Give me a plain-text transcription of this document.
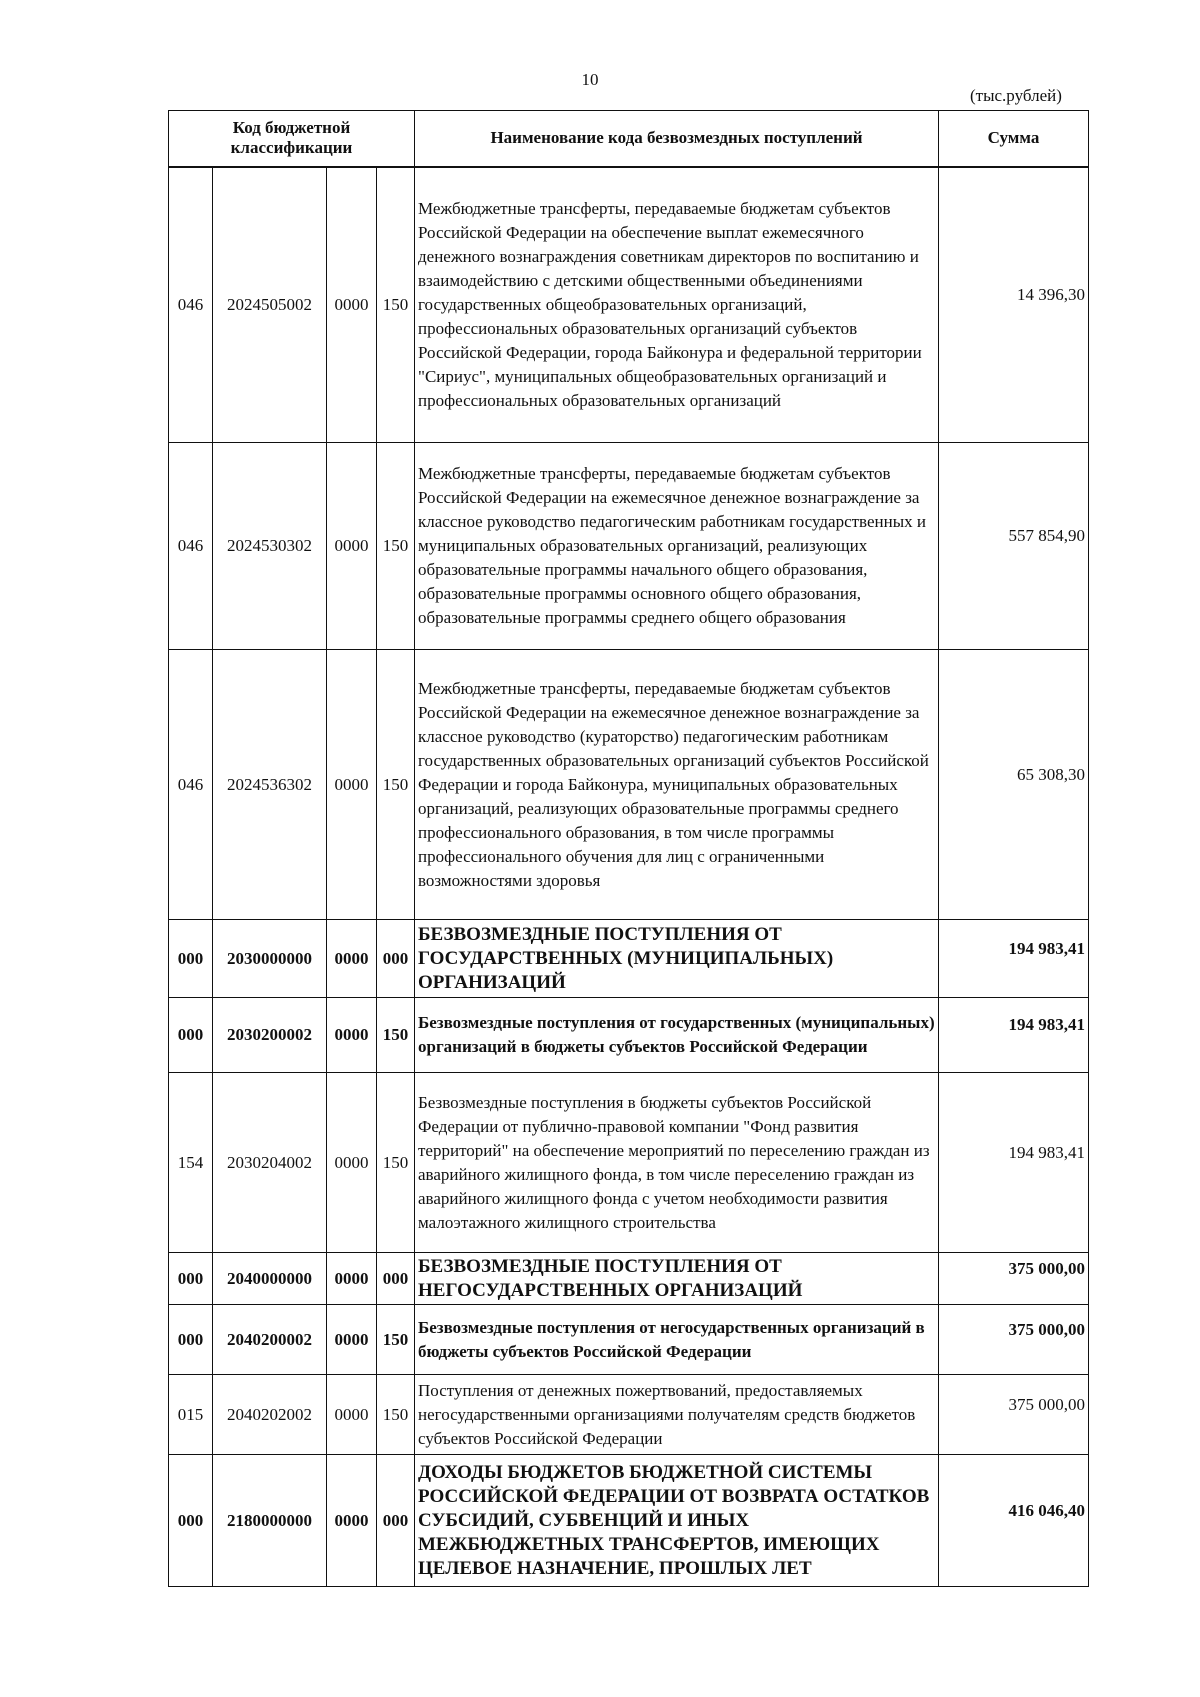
10
(тыс.рублей)
Код бюджетной классификации				Наименование кода безвозмездных поступлений	Сумма
046	2024505002	0000	150	Межбюджетные трансферты, передаваемые бюджетам субъектов Российской Федерации на обеспечение выплат ежемесячного денежного вознаграждения советникам директоров по воспитанию и взаимодействию с детскими общественными объединениями государственных общеобразовательных организаций, профессиональных образовательных организаций субъектов Российской Федерации, города Байконура и федеральной территории "Сириус", муниципальных общеобразовательных организаций и профессиональных образовательных организаций	14 396,30
046	2024530302	0000	150	Межбюджетные трансферты, передаваемые бюджетам субъектов Российской Федерации на ежемесячное денежное вознаграждение за классное руководство педагогическим работникам государственных и муниципальных образовательных организаций, реализующих образовательные программы начального общего образования, образовательные программы основного общего образования, образовательные программы среднего общего образования	557 854,90
046	2024536302	0000	150	Межбюджетные трансферты, передаваемые бюджетам субъектов Российской Федерации на ежемесячное денежное вознаграждение за классное руководство (кураторство) педагогическим работникам государственных образовательных организаций субъектов Российской Федерации и города Байконура, муниципальных образовательных организаций, реализующих образовательные программы среднего профессионального образования, в том числе программы профессионального обучения для лиц с ограниченными возможностями здоровья	65 308,30
000	2030000000	0000	000	БЕЗВОЗМЕЗДНЫЕ ПОСТУПЛЕНИЯ ОТ ГОСУДАРСТВЕННЫХ (МУНИЦИПАЛЬНЫХ) ОРГАНИЗАЦИЙ	194 983,41
000	2030200002	0000	150	Безвозмездные поступления от государственных (муниципальных) организаций в бюджеты субъектов Российской Федерации	194 983,41
154	2030204002	0000	150	Безвозмездные поступления в бюджеты субъектов Российской Федерации от публично-правовой компании "Фонд развития территорий" на обеспечение мероприятий по переселению граждан из аварийного жилищного фонда, в том числе переселению граждан из аварийного жилищного фонда с учетом необходимости развития малоэтажного жилищного строительства	194 983,41
000	2040000000	0000	000	БЕЗВОЗМЕЗДНЫЕ ПОСТУПЛЕНИЯ ОТ НЕГОСУДАРСТВЕННЫХ ОРГАНИЗАЦИЙ	375 000,00
000	2040200002	0000	150	Безвозмездные поступления от негосударственных организаций в бюджеты субъектов Российской Федерации	375 000,00
015	2040202002	0000	150	Поступления от денежных пожертвований, предоставляемых негосударственными организациями получателям средств бюджетов субъектов Российской Федерации	375 000,00
000	2180000000	0000	000	ДОХОДЫ БЮДЖЕТОВ БЮДЖЕТНОЙ СИСТЕМЫ РОССИЙСКОЙ ФЕДЕРАЦИИ ОТ ВОЗВРАТА ОСТАТКОВ СУБСИДИЙ, СУБВЕНЦИЙ И ИНЫХ МЕЖБЮДЖЕТНЫХ ТРАНСФЕРТОВ, ИМЕЮЩИХ ЦЕЛЕВОЕ НАЗНАЧЕНИЕ, ПРОШЛЫХ ЛЕТ	416 046,40
